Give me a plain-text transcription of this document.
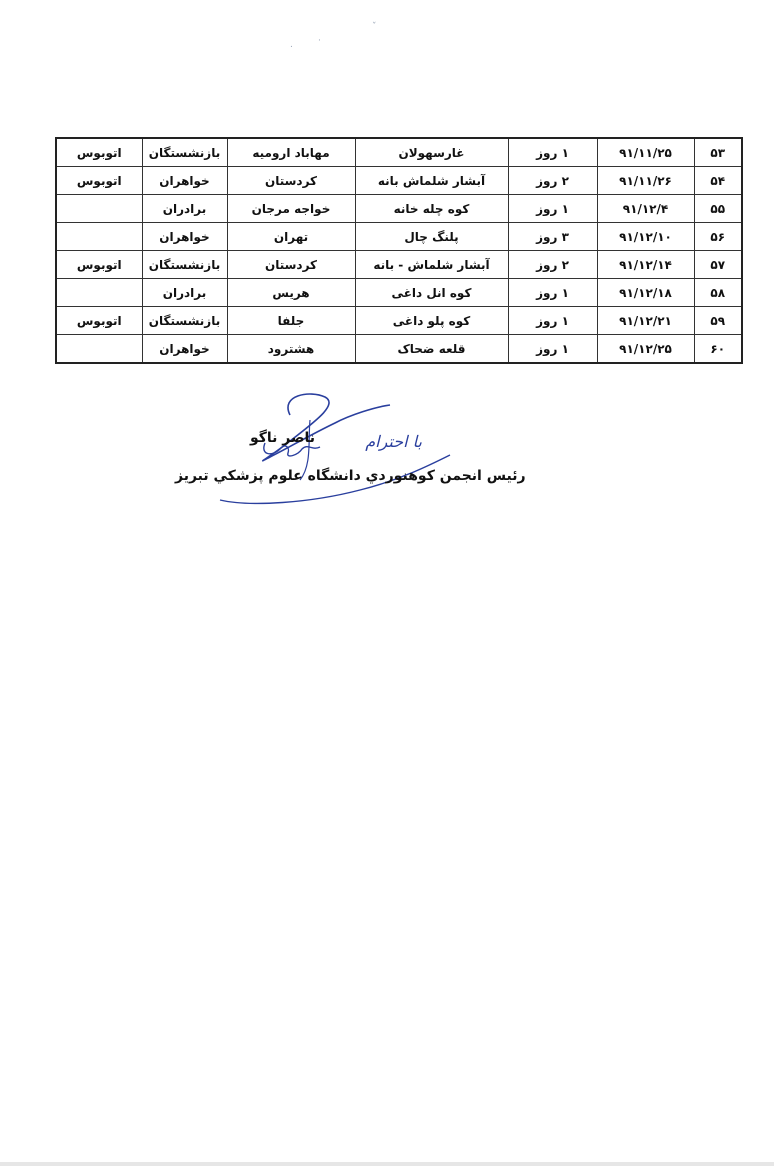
ˇ
.	·
۵۳	۹۱/۱۱/۲۵	۱ روز	غارسهولان	مهاباد ارومیه	بازنشستگان	اتوبوس
۵۴	۹۱/۱۱/۲۶	۲ روز	آبشار شلماش بانه	کردستان	خواهران	اتوبوس
۵۵	۹۱/۱۲/۴	۱ روز	کوه چله خانه	خواجه مرجان	برادران	
۵۶	۹۱/۱۲/۱۰	۳ روز	پلنگ چال	تهران	خواهران	
۵۷	۹۱/۱۲/۱۴	۲ روز	آبشار شلماش - بانه	کردستان	بازنشستگان	اتوبوس
۵۸	۹۱/۱۲/۱۸	۱ روز	کوه انل داغی	هریس	برادران	
۵۹	۹۱/۱۲/۲۱	۱ روز	کوه پلو داغی	جلفا	بازنشستگان	اتوبوس
۶۰	۹۱/۱۲/۲۵	۱ روز	قلعه ضحاک	هشترود	خواهران	
با احترام
ناصر ناگو
رئيس انجمن کوهنوردي دانشگاه علوم پزشکي تبريز
